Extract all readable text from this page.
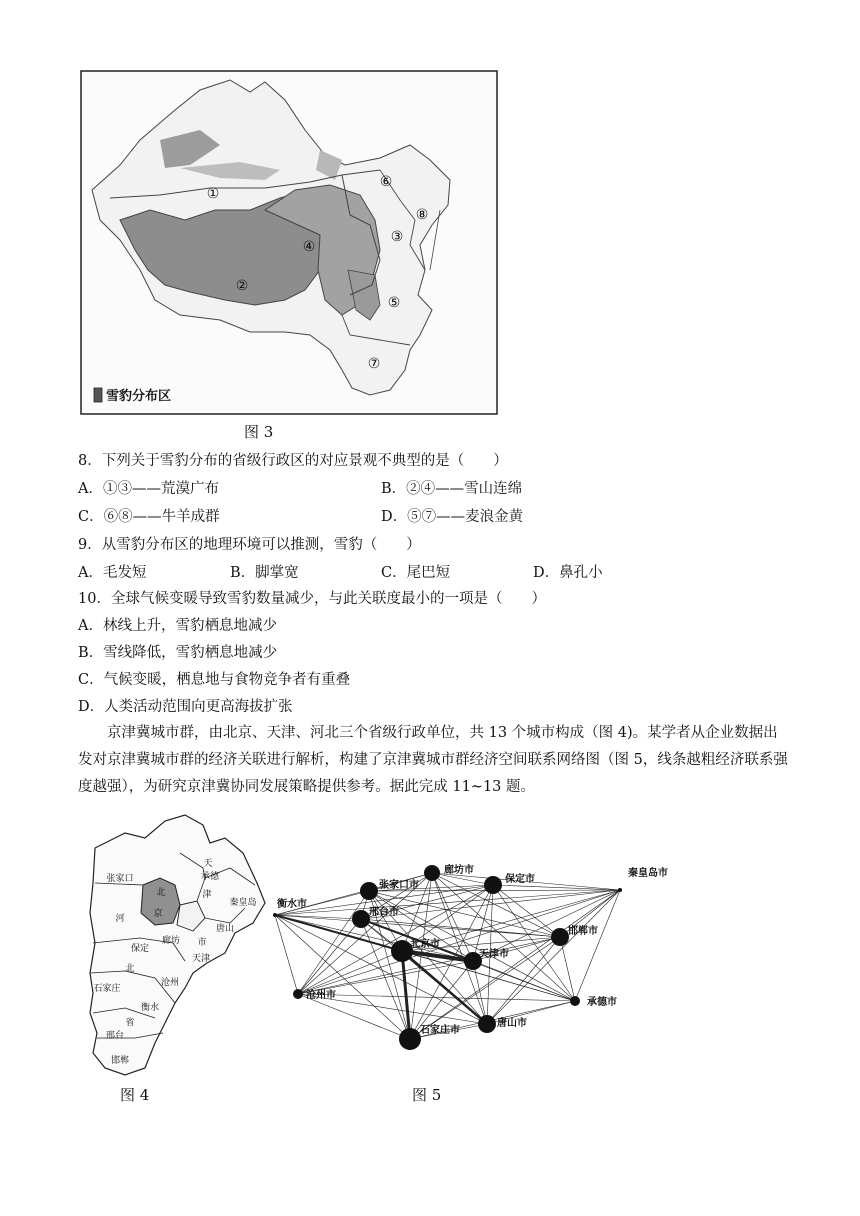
①
②
③
④
⑤
⑥
⑦
⑧
雪豹分布区
图 3
8．下列关于雪豹分布的省级行政区的对应景观不典型的是（　　）
A．①③——荒漠广布	B．②④——雪山连绵
C．⑥⑧——牛羊成群	D．⑤⑦——麦浪金黄
9．从雪豹分布区的地理环境可以推测，雪豹（　　）
A．毛发短	B．脚掌宽	C．尾巴短	D．鼻孔小
10．全球气候变暖导致雪豹数量减少，与此关联度最小的一项是（　　）
A．林线上升，雪豹栖息地减少
B．雪线降低，雪豹栖息地减少
C．气候变暖，栖息地与食物竞争者有重叠
D．人类活动范围向更高海拔扩张
京津冀城市群，由北京、天津、河北三个省级行政单位，共 13 个城市构成（图 4)。某学者从企业数据出发对京津冀城市群的经济关联进行解析，构建了京津冀城市群经济空间联系网络图（图 5，线条越粗经济联系强度越强），为研究京津冀协同发展策略提供参考。据此完成 11~13 题。
张家口
北
京
天
承德
津
秦皇岛
河
廊坊
唐山
保定
市
天津
北
石家庄
沧州
衡水
省
邢台
邯郸
图 4
廊坊市
张家口市
保定市
秦皇岛市
衡水市
邢台市
北京市
邯郸市
天津市
沧州市
承德市
石家庄市
唐山市
图 5
